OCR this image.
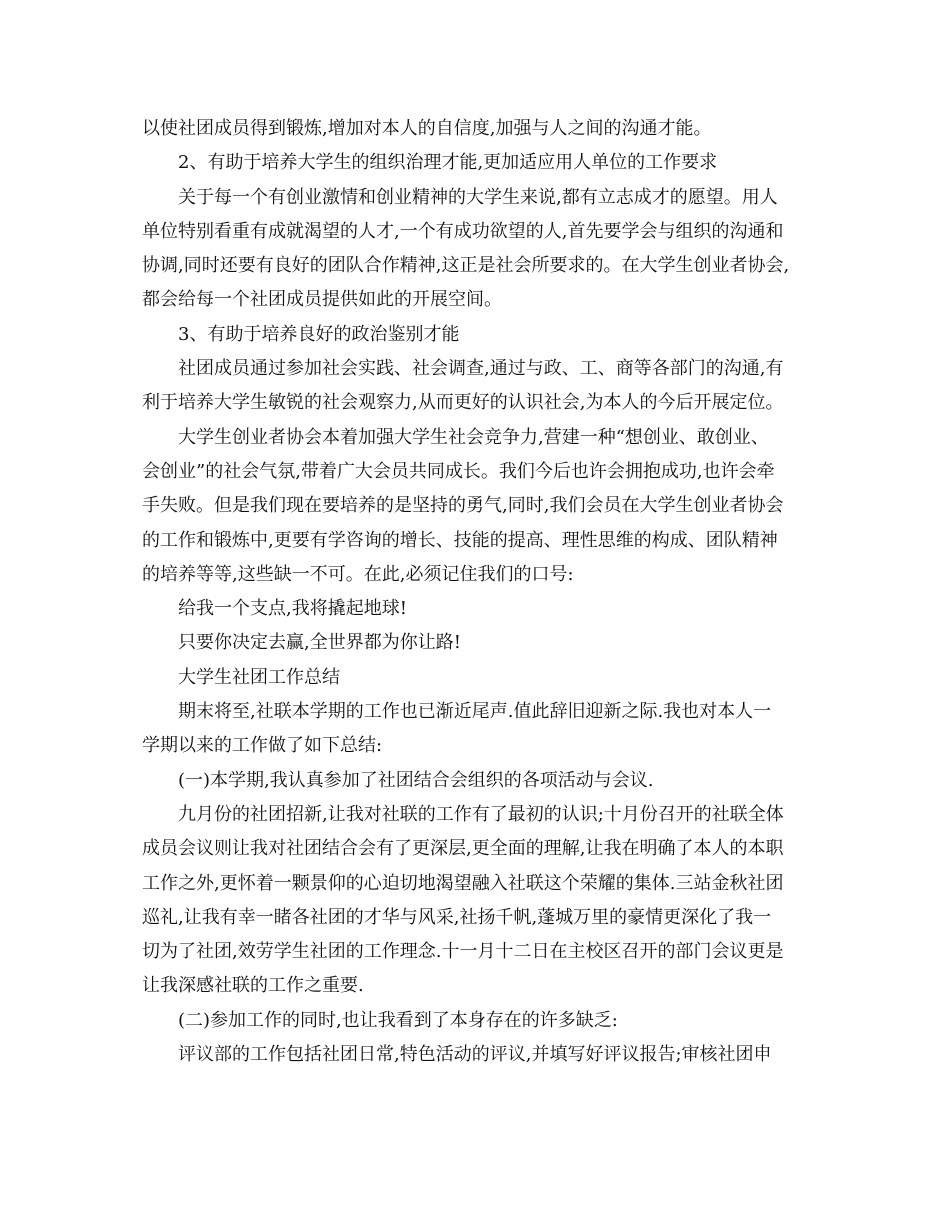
以使社团成员得到锻炼,增加对本人的自信度,加强与人之间的沟通才能。

2、有助于培养大学生的组织治理才能,更加适应用人单位的工作要求

关于每一个有创业激情和创业精神的大学生来说,都有立志成才的愿望。用人

单位特别看重有成就渴望的人才,一个有成功欲望的人,首先要学会与组织的沟通和

协调,同时还要有良好的团队合作精神,这正是社会所要求的。在大学生创业者协会,

都会给每一个社团成员提供如此的开展空间。

3、有助于培养良好的政治鉴别才能

社团成员通过参加社会实践、社会调查,通过与政、工、商等各部门的沟通,有

利于培养大学生敏锐的社会观察力,从而更好的认识社会,为本人的今后开展定位。

大学生创业者协会本着加强大学生社会竞争力,营建一种“想创业、敢创业、

会创业”的社会气氛,带着广大会员共同成长。我们今后也许会拥抱成功,也许会牵

手失败。但是我们现在要培养的是坚持的勇气,同时,我们会员在大学生创业者协会

的工作和锻炼中,更要有学咨询的增长、技能的提高、理性思维的构成、团队精神

的培养等等,这些缺一不可。在此,必须记住我们的口号:

给我一个支点,我将撬起地球!

只要你决定去赢,全世界都为你让路!

大学生社团工作总结

期末将至,社联本学期的工作也已渐近尾声.值此辞旧迎新之际.我也对本人一

学期以来的工作做了如下总结:

(一)本学期,我认真参加了社团结合会组织的各项活动与会议.

九月份的社团招新,让我对社联的工作有了最初的认识;十月份召开的社联全体

成员会议则让我对社团结合会有了更深层,更全面的理解,让我在明确了本人的本职

工作之外,更怀着一颗景仰的心迫切地渴望融入社联这个荣耀的集体.三站金秋社团

巡礼,让我有幸一睹各社团的才华与风采,社扬千帆,蓬城万里的豪情更深化了我一

切为了社团,效劳学生社团的工作理念.十一月十二日在主校区召开的部门会议更是

让我深感社联的工作之重要.

(二)参加工作的同时,也让我看到了本身存在的许多缺乏:

评议部的工作包括社团日常,特色活动的评议,并填写好评议报告;审核社团申
